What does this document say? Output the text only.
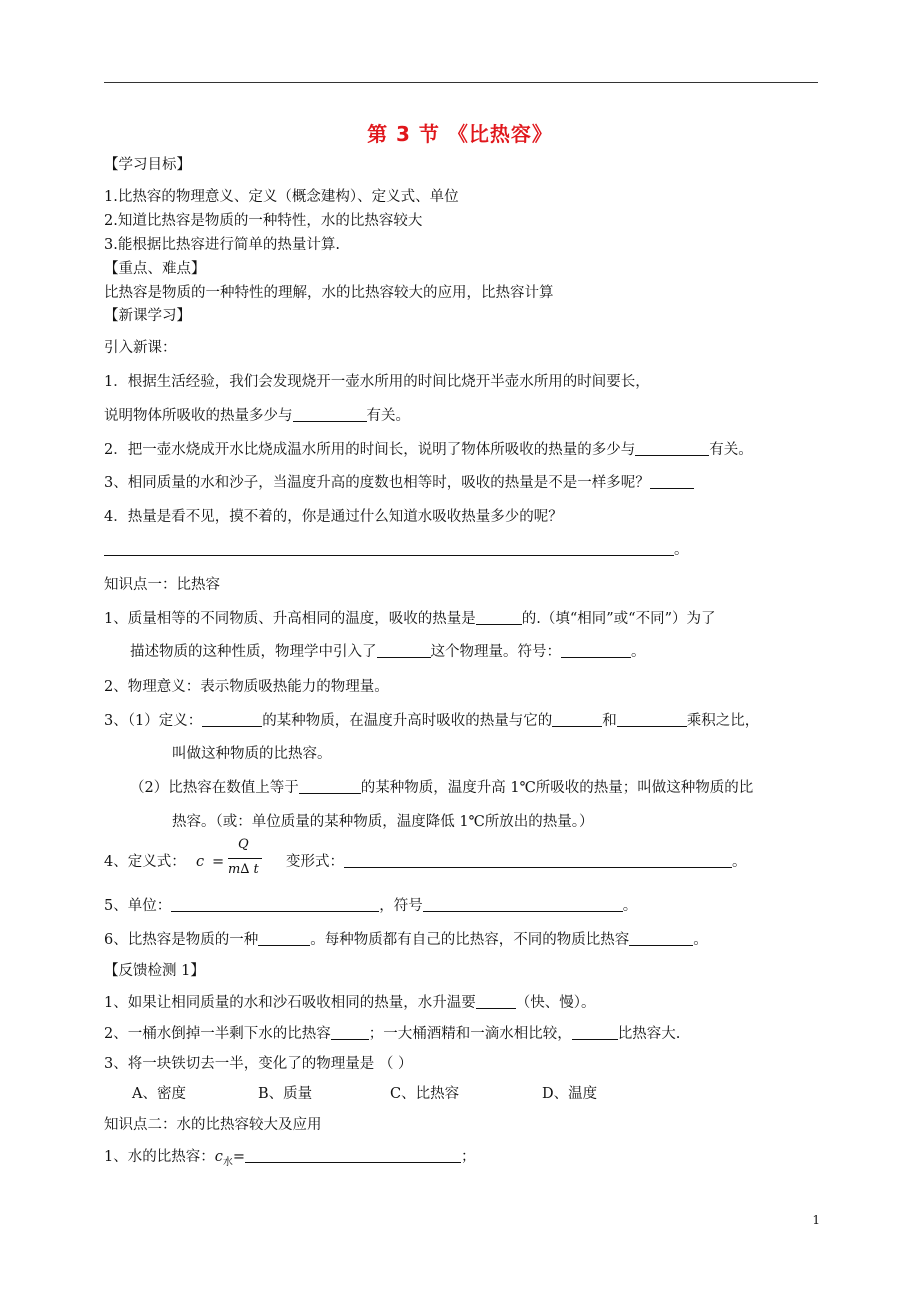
第 3 节 《比热容》
【学习目标】
1.比热容的物理意义、定义（概念建构）、定义式、单位
2.知道比热容是物质的一种特性，水的比热容较大
3.能根据比热容进行简单的热量计算.
【重点、难点】
比热容是物质的一种特性的理解，水的比热容较大的应用，比热容计算
【新课学习】
引入新课：
1．根据生活经验，我们会发现烧开一壶水所用的时间比烧开半壶水所用的时间要长，
说明物体所吸收的热量多少与	有关。
2．把一壶水烧成开水比烧成温水所用的时间长，说明了物体所吸收的热量的多少与	有关。
3、相同质量的水和沙子，当温度升高的度数也相等时，吸收的热量是不是一样多呢？
4．热量是看不见，摸不着的，你是通过什么知道水吸收热量多少的呢？
。
知识点一：比热容
1、质量相等的不同物质、升高相同的温度，吸收的热量是	的.（填“相同”或“不同”）为了
描述物质的这种性质，物理学中引入了	这个物理量。符号：	。
2、物理意义：表示物质吸热能力的物理量。
3、（1）定义：	的某种物质，在温度升高时吸收的热量与它的	和	乘积之比，
叫做这种物质的比热容。
（2）比热容在数值上等于	的某种物质，温度升高 1℃所吸收的热量；叫做这种物质的比
热容。（或：单位质量的某种物质，温度降低 1℃所放出的热量。）
4、定义式： c =
Q
m∆ t 变形式：	。
5、单位：	，符号	。
6、比热容是物质的一种	。每种物质都有自己的比热容，不同的物质比热容	。
【反馈检测 1】
1、如果让相同质量的水和沙石吸收相同的热量，水升温要	（快、慢）。
2、一桶水倒掉一半剩下水的比热容	；一大桶酒精和一滴水相比较，	比热容大.
3、将一块铁切去一半，变化了的物理量是 （ ）
A、密度	B、质量	C、比热容	D、温度
知识点二：水的比热容较大及应用
1、水的比热容：$c_水=$	；
1
